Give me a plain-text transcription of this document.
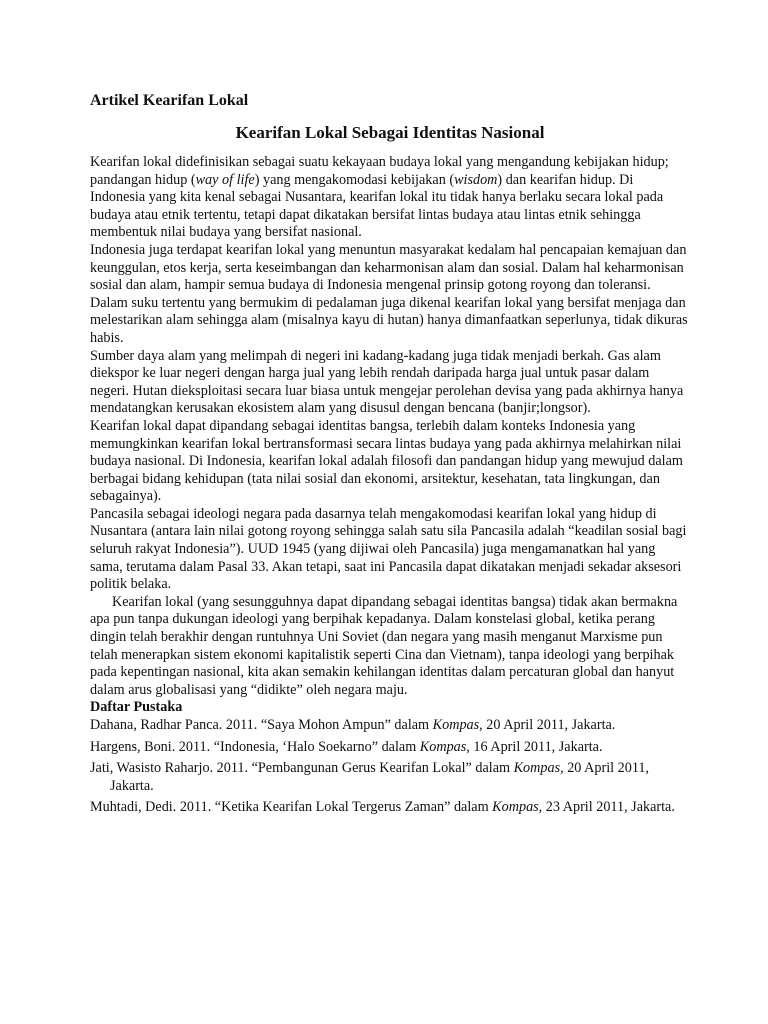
Artikel Kearifan Lokal

Kearifan Lokal Sebagai Identitas Nasional

Kearifan lokal didefinisikan sebagai suatu kekayaan budaya lokal yang mengandung kebijakan hidup; pandangan hidup (way of life) yang mengakomodasi kebijakan (wisdom) dan kearifan hidup. Di Indonesia yang kita kenal sebagai Nusantara, kearifan lokal itu tidak hanya berlaku secara lokal pada budaya atau etnik tertentu, tetapi dapat dikatakan bersifat lintas budaya atau lintas etnik sehingga membentuk nilai budaya yang bersifat nasional.

Indonesia juga terdapat kearifan lokal yang menuntun masyarakat kedalam hal pencapaian kemajuan dan keunggulan, etos kerja, serta keseimbangan dan keharmonisan alam dan sosial. Dalam hal keharmonisan sosial dan alam, hampir semua budaya di Indonesia mengenal prinsip gotong royong dan toleransi. Dalam suku tertentu yang bermukim di pedalaman juga dikenal kearifan lokal yang bersifat menjaga dan melestarikan alam sehingga alam (misalnya kayu di hutan) hanya dimanfaatkan seperlunya, tidak dikuras habis.

Sumber daya alam yang melimpah di negeri ini kadang-kadang juga tidak menjadi berkah. Gas alam diekspor ke luar negeri dengan harga jual yang lebih rendah daripada harga jual untuk pasar dalam negeri. Hutan dieksploitasi secara luar biasa untuk mengejar perolehan devisa yang pada akhirnya hanya mendatangkan kerusakan ekosistem alam yang disusul dengan bencana (banjir;longsor).

Kearifan lokal dapat dipandang sebagai identitas bangsa, terlebih dalam konteks Indonesia yang memungkinkan kearifan lokal bertransformasi secara lintas budaya yang pada akhirnya melahirkan nilai budaya nasional. Di Indonesia, kearifan lokal adalah filosofi dan pandangan hidup yang mewujud dalam berbagai bidang kehidupan (tata nilai sosial dan ekonomi, arsitektur, kesehatan, tata lingkungan, dan sebagainya).

Pancasila sebagai ideologi negara pada dasarnya telah mengakomodasi kearifan lokal yang hidup di Nusantara (antara lain nilai gotong royong sehingga salah satu sila Pancasila adalah “keadilan sosial bagi seluruh rakyat Indonesia”). UUD 1945 (yang dijiwai oleh Pancasila) juga mengamanatkan hal yang sama, terutama dalam Pasal 33. Akan tetapi, saat ini Pancasila dapat dikatakan menjadi sekadar aksesori politik belaka.

Kearifan lokal (yang sesungguhnya dapat dipandang sebagai identitas bangsa) tidak akan bermakna apa pun tanpa dukungan ideologi yang berpihak kepadanya. Dalam konstelasi global, ketika perang dingin telah berakhir dengan runtuhnya Uni Soviet (dan negara yang masih menganut Marxisme pun telah menerapkan sistem ekonomi kapitalistik seperti Cina dan Vietnam), tanpa ideologi yang berpihak pada kepentingan nasional, kita akan semakin kehilangan identitas dalam percaturan global dan hanyut dalam arus globalisasi yang “didikte” oleh negara maju.

Daftar Pustaka

Dahana, Radhar Panca. 2011. “Saya Mohon Ampun” dalam Kompas, 20 April 2011, Jakarta.

Hargens, Boni. 2011. “Indonesia, ‘Halo Soekarno” dalam Kompas, 16 April 2011, Jakarta.

Jati, Wasisto Raharjo. 2011. “Pembangunan Gerus Kearifan Lokal” dalam Kompas, 20 April 2011, Jakarta.

Muhtadi, Dedi. 2011. “Ketika Kearifan Lokal Tergerus Zaman” dalam Kompas, 23 April 2011, Jakarta.
